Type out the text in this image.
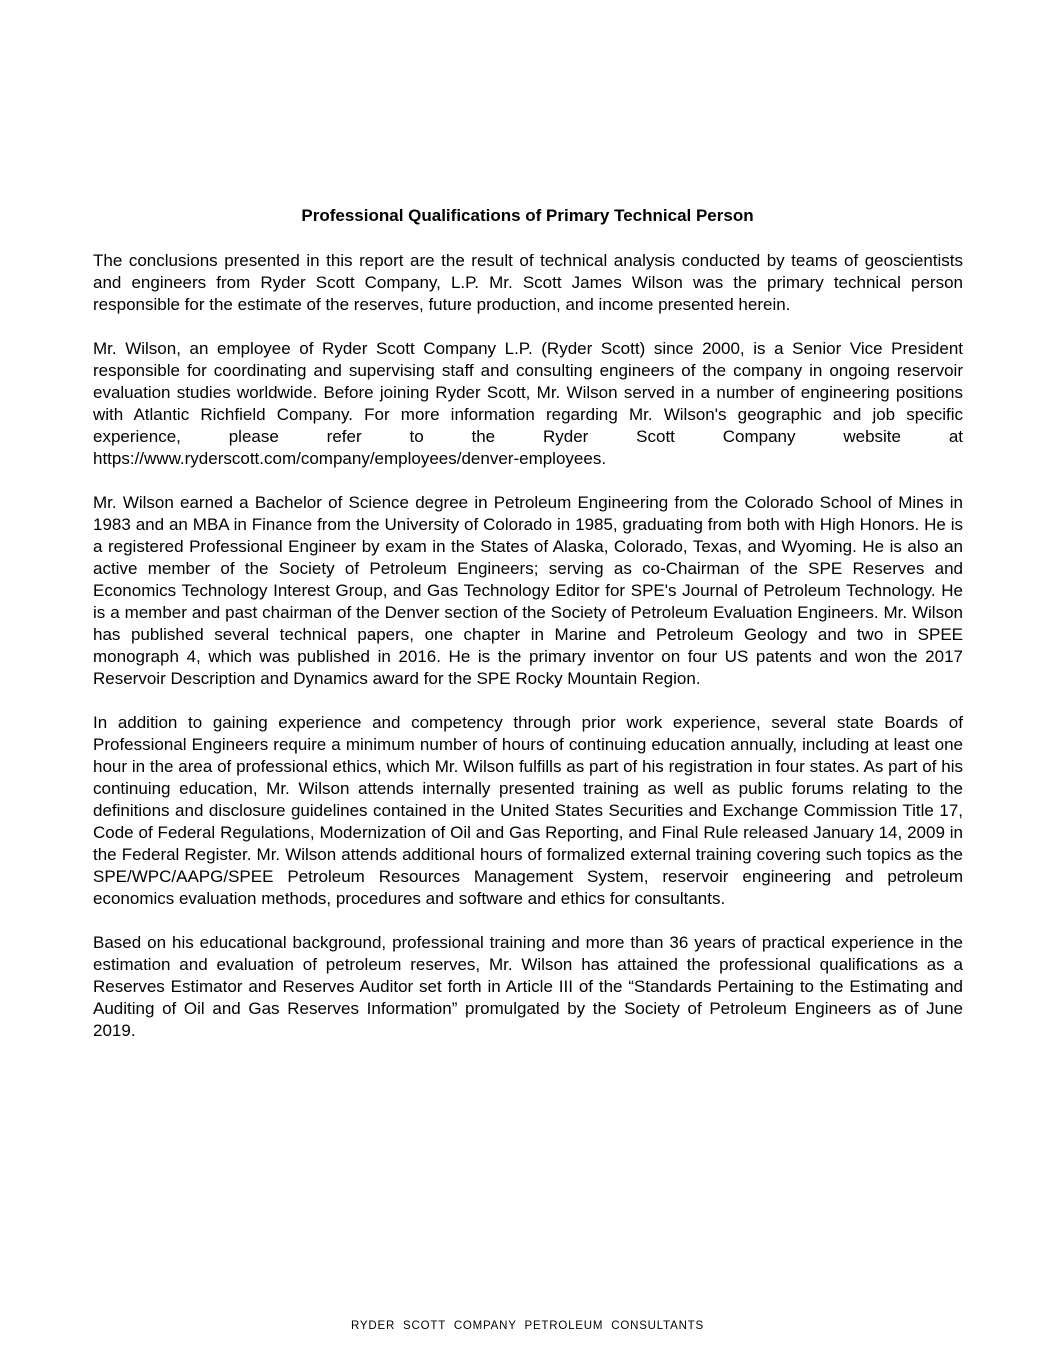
Professional Qualifications of Primary Technical Person

The conclusions presented in this report are the result of technical analysis conducted by teams of geoscientists and engineers from Ryder Scott Company, L.P. Mr. Scott James Wilson was the primary technical person responsible for the estimate of the reserves, future production, and income presented herein.

Mr. Wilson, an employee of Ryder Scott Company L.P. (Ryder Scott) since 2000, is a Senior Vice President responsible for coordinating and supervising staff and consulting engineers of the company in ongoing reservoir evaluation studies worldwide. Before joining Ryder Scott, Mr. Wilson served in a number of engineering positions with Atlantic Richfield Company. For more information regarding Mr. Wilson's geographic and job specific experience, please refer to the Ryder Scott Company website at https://www.ryderscott.com/company/employees/denver-employees.

Mr. Wilson earned a Bachelor of Science degree in Petroleum Engineering from the Colorado School of Mines in 1983 and an MBA in Finance from the University of Colorado in 1985, graduating from both with High Honors. He is a registered Professional Engineer by exam in the States of Alaska, Colorado, Texas, and Wyoming. He is also an active member of the Society of Petroleum Engineers; serving as co-Chairman of the SPE Reserves and Economics Technology Interest Group, and Gas Technology Editor for SPE's Journal of Petroleum Technology. He is a member and past chairman of the Denver section of the Society of Petroleum Evaluation Engineers. Mr. Wilson has published several technical papers, one chapter in Marine and Petroleum Geology and two in SPEE monograph 4, which was published in 2016. He is the primary inventor on four US patents and won the 2017 Reservoir Description and Dynamics award for the SPE Rocky Mountain Region.

In addition to gaining experience and competency through prior work experience, several state Boards of Professional Engineers require a minimum number of hours of continuing education annually, including at least one hour in the area of professional ethics, which Mr. Wilson fulfills as part of his registration in four states. As part of his continuing education, Mr. Wilson attends internally presented training as well as public forums relating to the definitions and disclosure guidelines contained in the United States Securities and Exchange Commission Title 17, Code of Federal Regulations, Modernization of Oil and Gas Reporting, and Final Rule released January 14, 2009 in the Federal Register. Mr. Wilson attends additional hours of formalized external training covering such topics as the SPE/WPC/AAPG/SPEE Petroleum Resources Management System, reservoir engineering and petroleum economics evaluation methods, procedures and software and ethics for consultants.

Based on his educational background, professional training and more than 36 years of practical experience in the estimation and evaluation of petroleum reserves, Mr. Wilson has attained the professional qualifications as a Reserves Estimator and Reserves Auditor set forth in Article III of the “Standards Pertaining to the Estimating and Auditing of Oil and Gas Reserves Information” promulgated by the Society of Petroleum Engineers as of June 2019.

RYDER SCOTT COMPANY PETROLEUM CONSULTANTS
